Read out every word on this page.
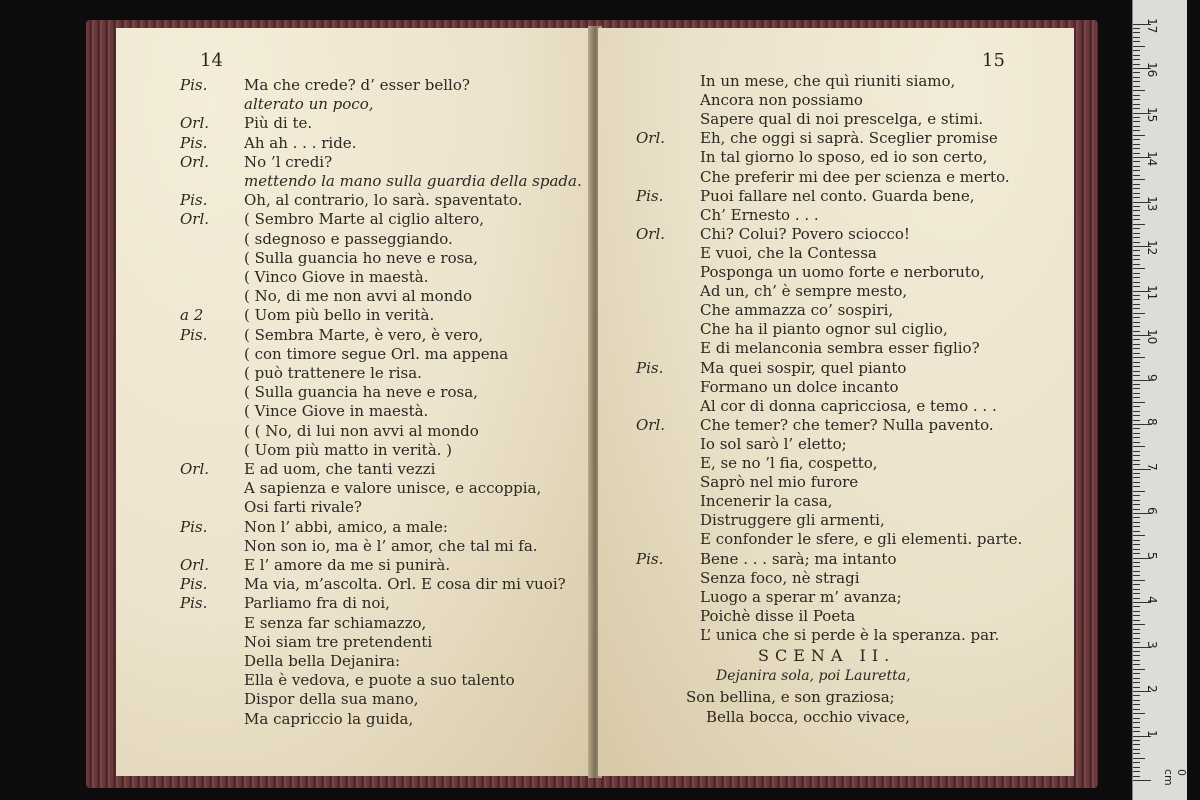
14
Pis. Ma che crede? d’ esser bello?
alterato un poco,
Orl. Più di te.
Pis. Ah ah . . . ride.
Orl. No ’l credi?
mettendo la mano sulla guardia della spada.
Pis. Oh, al contrario, lo sarà. spaventato.
Orl. ( Sembro Marte al ciglio altero,
( sdegnoso e passeggiando.
( Sulla guancia ho neve e rosa,
( Vinco Giove in maestà.
( No, di me non avvi al mondo
a 2	( Uom più bello in verità.
Pis. ( Sembra Marte, è vero, è vero,
( con timore segue Orl. ma appena
( può trattenere le risa.
( Sulla guancia ha neve e rosa,
( Vince Giove in maestà.
( ( No, di lui non avvi al mondo
( Uom più matto in verità. )
Orl. E ad uom, che tanti vezzi
A sapienza e valore unisce, e accoppia,
Osi farti rivale?
Pis. Non l’ abbi, amico, a male:
Non son io, ma è l’ amor, che tal mi fa.
Orl. E l’ amore da me si punirà.
Pis. Ma via, m’ascolta. Orl. E cosa dir mi vuoi?
Pis. Parliamo fra di noi,
E senza far schiamazzo,
Noi siam tre pretendenti
Della bella Dejanira:
Ella è vedova, e puote a suo talento
Dispor della sua mano,
Ma capriccio la guida,
15
In un mese, che quì riuniti siamo,
Ancora non possiamo
Sapere qual di noi prescelga, e stimi.
Orl. Eh, che oggi si saprà. Sceglier promise
In tal giorno lo sposo, ed io son certo,
Che preferir mi dee per scienza e merto.
Pis. Puoi fallare nel conto. Guarda bene,
Ch’ Ernesto . . .
Orl. Chi? Colui? Povero sciocco!
E vuoi, che la Contessa
Posponga un uomo forte e nerboruto,
Ad un, ch’ è sempre mesto,
Che ammazza co’ sospiri,
Che ha il pianto ognor sul ciglio,
E di melanconia sembra esser figlio?
Pis. Ma quei sospir, quel pianto
Formano un dolce incanto
Al cor di donna capricciosa, e temo . . .
Orl. Che temer? che temer? Nulla pavento.
Io sol sarò l’ eletto;
E, se no ’l fia, cospetto,
Saprò nel mio furore
Incenerir la casa,
Distruggere gli armenti,
E confonder le sfere, e gli elementi. parte.
Pis. Bene . . . sarà; ma intanto
Senza foco, nè stragi
Luogo a sperar m’ avanza;
Poichè disse il Poeta
L’ unica che si perde è la speranza. par.
SCENA II.
Dejanira sola, poi Lauretta,
Son bellina, e son graziosa;
Bella bocca, occhio vivace,
0 cm
1
2
3
4
5
6
7
8
9
10
11
12
13
14
15
16
17
